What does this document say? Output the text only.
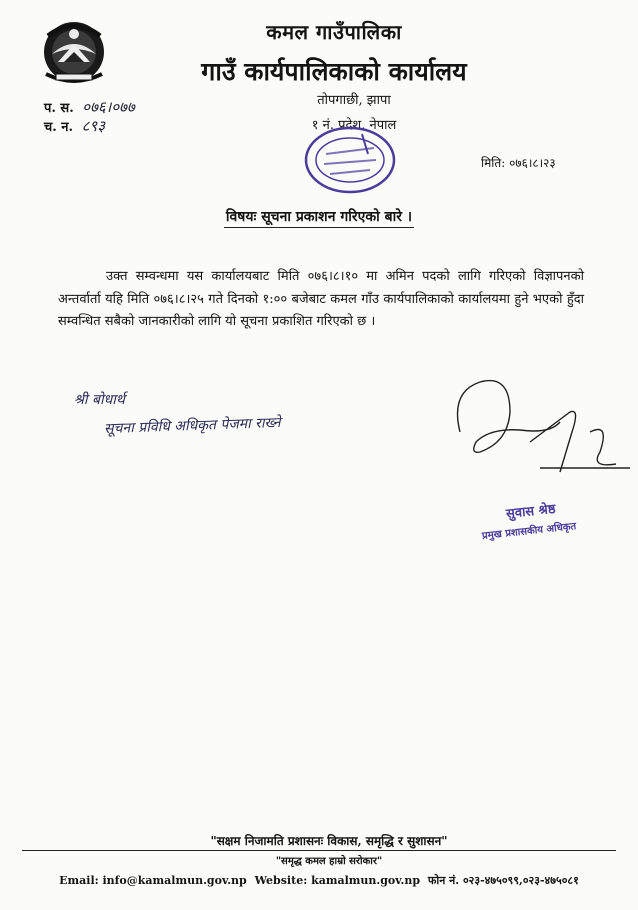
कमल गाउँपालिका
गाउँ कार्यपालिकाको कार्यालय
तोपगाछी, झापा
१ नं. प्रदेश, नेपाल
प. स. ०७६।०७७
च. न. ८९३
मिति: ०७६।८।२३
विषयः सूचना प्रकाशन गरिएको बारे ।
उक्त सम्वन्धमा यस कार्यालयबाट मिति ०७६।८।१० मा अमिन पदको लागि गरिएको विज्ञापनको अन्तर्वार्ता यहि मिति ०७६।८।२५ गते दिनको १:०० बजेबाट कमल गाँउ कार्यपालिकाको कार्यालयमा हुने भएको हुँदा सम्वन्धित सबैको जानकारीको लागि यो सूचना प्रकाशित गरिएको छ ।
श्री बोधार्थ
सूचना प्रविधि अधिकृत पेजमा राख्ने
सुवास श्रेष्ठ
प्रमुख प्रशासकीय अधिकृत
"सक्षम निजामति प्रशासनः विकास, समृद्धि र सुशासन"
"समृद्ध कमल हाम्रो सरोकार"
Email: info@kamalmun.gov.np Website: kamalmun.gov.np फोन नं. ०२३-४७५०९९,०२३-४७५०८१
